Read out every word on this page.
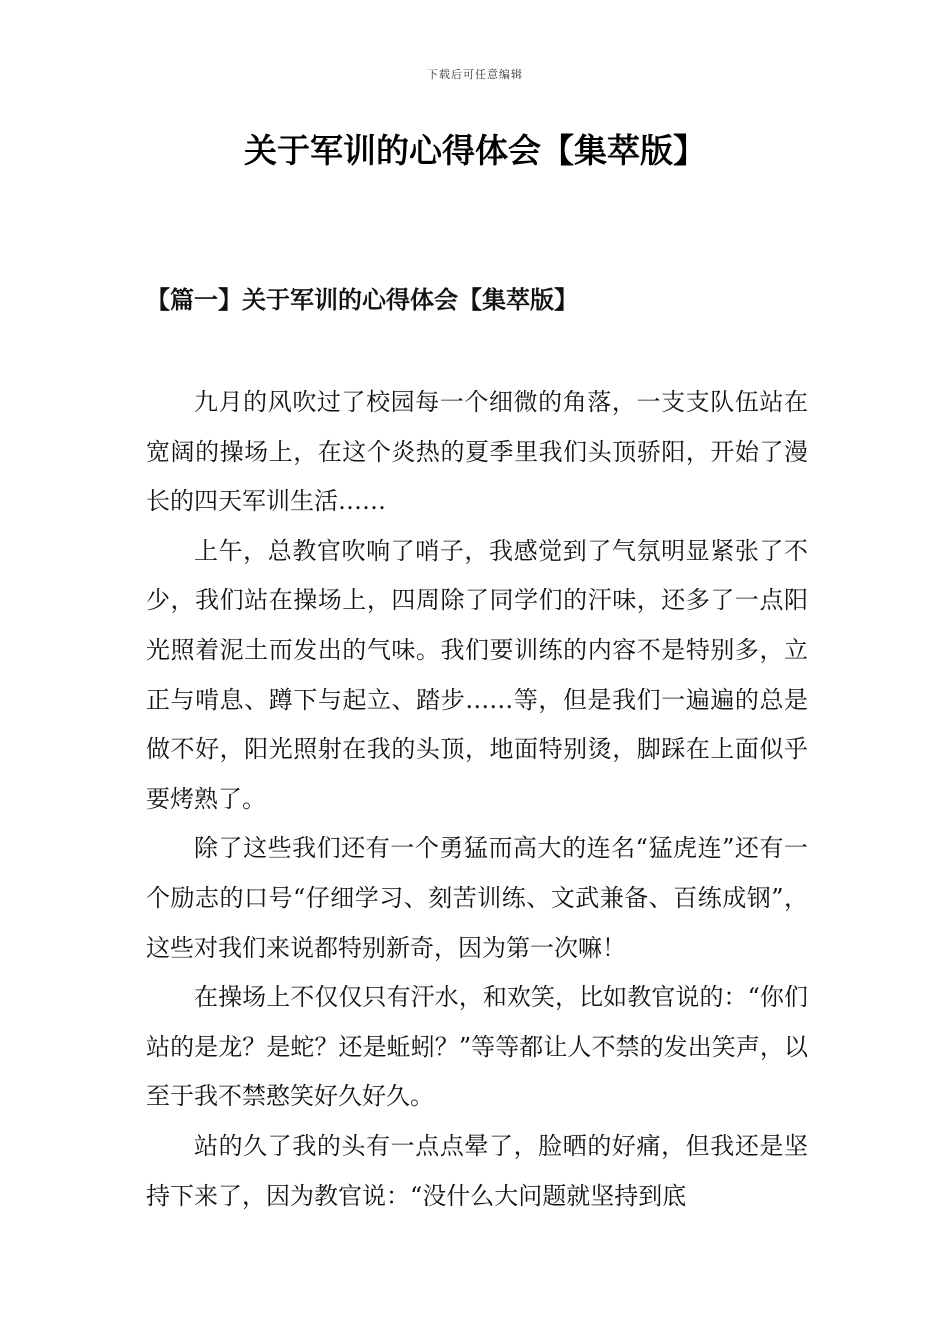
下载后可任意编辑
关于军训的心得体会【集萃版】
【篇一】关于军训的心得体会【集萃版】

九月的风吹过了校园每一个细微的角落，一支支队伍站在宽阔的操场上，在这个炎热的夏季里我们头顶骄阳，开始了漫长的四天军训生活……

上午，总教官吹响了哨子，我感觉到了气氛明显紧张了不少，我们站在操场上，四周除了同学们的汗味，还多了一点阳光照着泥土而发出的气味。我们要训练的内容不是特别多，立正与啃息、蹲下与起立、踏步……等，但是我们一遍遍的总是做不好，阳光照射在我的头顶，地面特别烫，脚踩在上面似乎要烤熟了。

除了这些我们还有一个勇猛而高大的连名“猛虎连”还有一个励志的口号“仔细学习、刻苦训练、文武兼备、百练成钢”，这些对我们来说都特别新奇，因为第一次嘛！

在操场上不仅仅只有汗水，和欢笑，比如教官说的：“你们站的是龙？是蛇？还是蚯蚓？”等等都让人不禁的发出笑声，以至于我不禁憨笑好久好久。

站的久了我的头有一点点晕了，脸晒的好痛，但我还是坚持下来了，因为教官说：“没什么大问题就坚持到底
